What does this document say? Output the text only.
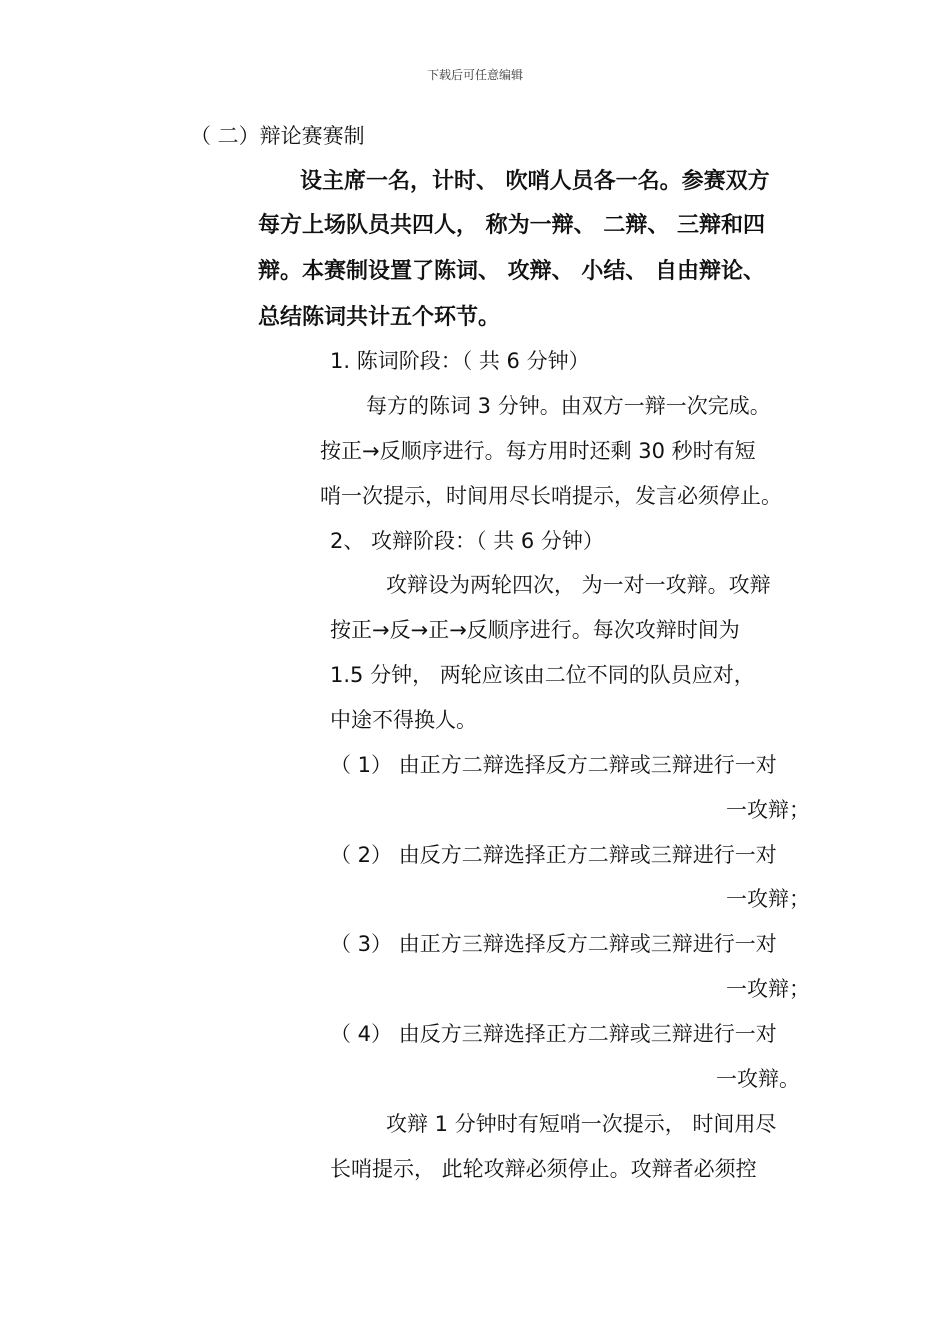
下载后可任意编辑
（ 二）辩论赛赛制
设主席一名，计时、 吹哨人员各一名。参赛双方
每方上场队员共四人， 称为一辩、 二辩、 三辩和四
辩。本赛制设置了陈词、 攻辩、 小结、 自由辩论、
总结陈词共计五个环节。
1. 陈词阶段：（ 共 6 分钟）
每方的陈词 3 分钟。由双方一辩一次完成。
按正→反顺序进行。每方用时还剩 30 秒时有短
哨一次提示，时间用尽长哨提示，发言必须停止。
2、 攻辩阶段：（ 共 6 分钟）
攻辩设为两轮四次， 为一对一攻辩。攻辩
按正→反→正→反顺序进行。每次攻辩时间为
1.5 分钟， 两轮应该由二位不同的队员应对，
中途不得换人。
（ 1） 由正方二辩选择反方二辩或三辩进行一对
一攻辩；
（ 2） 由反方二辩选择正方二辩或三辩进行一对
一攻辩；
（ 3） 由正方三辩选择反方二辩或三辩进行一对
一攻辩；
（ 4） 由反方三辩选择正方二辩或三辩进行一对
一攻辩。
攻辩 1 分钟时有短哨一次提示， 时间用尽
长哨提示， 此轮攻辩必须停止。攻辩者必须控
